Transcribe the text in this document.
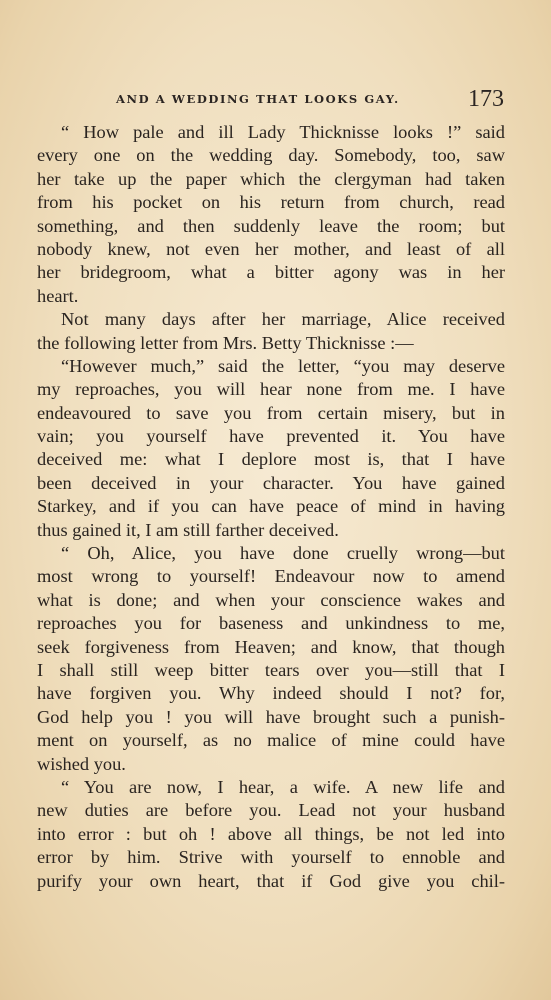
AND A WEDDING THAT LOOKS GAY.	173
“ How pale and ill Lady Thicknisse looks !” said
every one on the wedding day. Somebody, too, saw
her take up the paper which the clergyman had taken
from his pocket on his return from church, read
something, and then suddenly leave the room; but
nobody knew, not even her mother, and least of all
her bridegroom, what a bitter agony was in her
heart.
Not many days after her marriage, Alice received
the following letter from Mrs. Betty Thicknisse :—
“However much,” said the letter, “you may deserve
my reproaches, you will hear none from me. I have
endeavoured to save you from certain misery, but in
vain; you yourself have prevented it. You have
deceived me: what I deplore most is, that I have
been deceived in your character. You have gained
Starkey, and if you can have peace of mind in having
thus gained it, I am still farther deceived.
“ Oh, Alice, you have done cruelly wrong—but
most wrong to yourself! Endeavour now to amend
what is done; and when your conscience wakes and
reproaches you for baseness and unkindness to me,
seek forgiveness from Heaven; and know, that though
I shall still weep bitter tears over you—still that I
have forgiven you. Why indeed should I not? for,
God help you ! you will have brought such a punish-
ment on yourself, as no malice of mine could have
wished you.
“ You are now, I hear, a wife. A new life and
new duties are before you. Lead not your husband
into error : but oh ! above all things, be not led into
error by him. Strive with yourself to ennoble and
purify your own heart, that if God give you chil-
